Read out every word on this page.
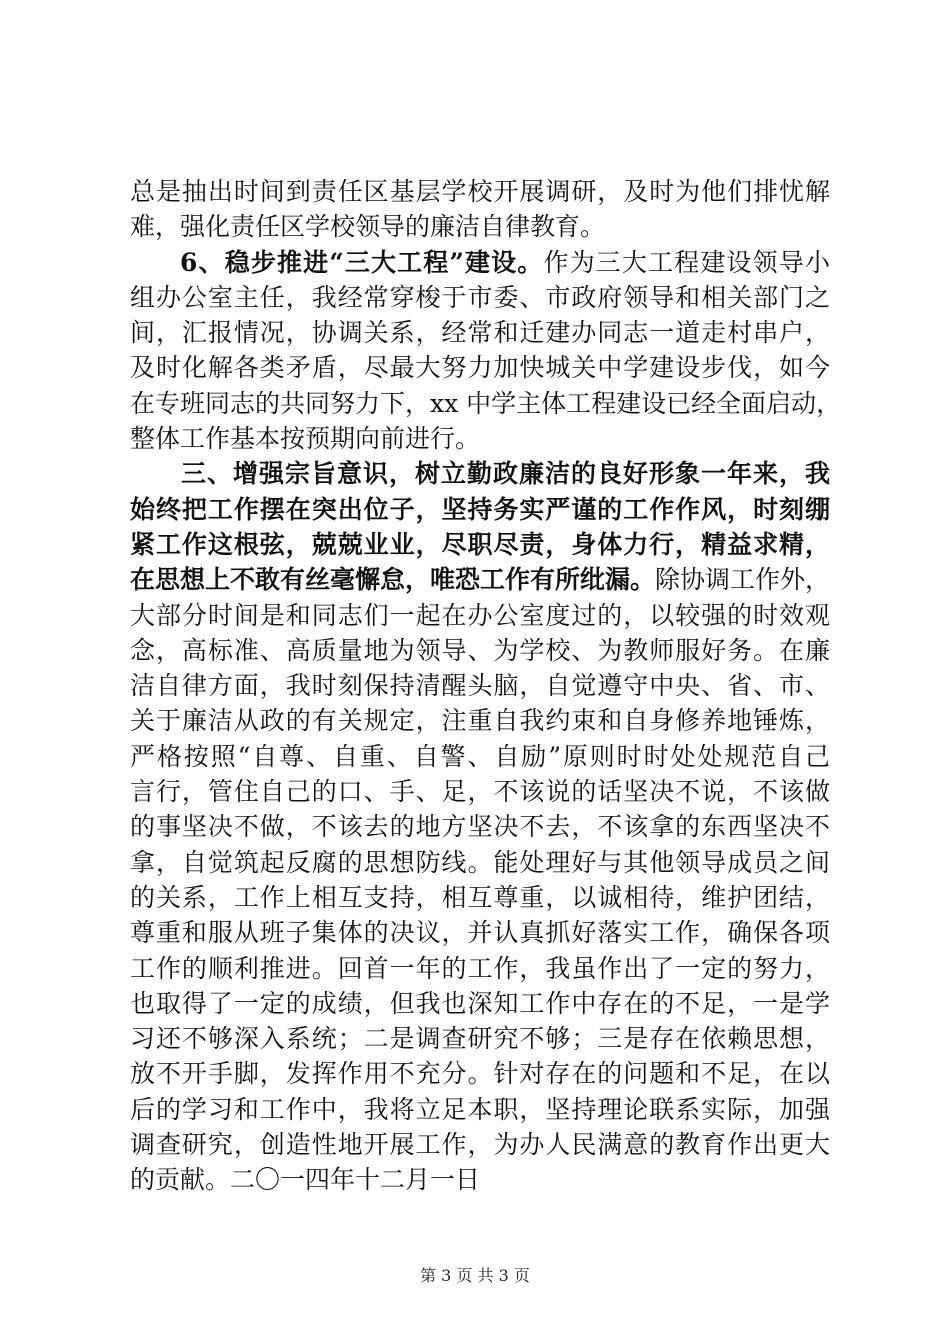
总是抽出时间到责任区基层学校开展调研，及时为他们排忧解
难，强化责任区学校领导的廉洁自律教育。
6、稳步推进“三大工程”建设。作为三大工程建设领导小
组办公室主任，我经常穿梭于市委、市政府领导和相关部门之
间，汇报情况，协调关系，经常和迁建办同志一道走村串户，
及时化解各类矛盾，尽最大努力加快城关中学建设步伐，如今
在专班同志的共同努力下，xx 中学主体工程建设已经全面启动，
整体工作基本按预期向前进行。
三、增强宗旨意识，树立勤政廉洁的良好形象一年来，我
始终把工作摆在突出位子，坚持务实严谨的工作作风，时刻绷
紧工作这根弦，兢兢业业，尽职尽责，身体力行，精益求精，
在思想上不敢有丝毫懈怠，唯恐工作有所纰漏。除协调工作外，
大部分时间是和同志们一起在办公室度过的，以较强的时效观
念，高标准、高质量地为领导、为学校、为教师服好务。在廉
洁自律方面，我时刻保持清醒头脑，自觉遵守中央、省、市、
关于廉洁从政的有关规定，注重自我约束和自身修养地锤炼，
严格按照“自尊、自重、自警、自励”原则时时处处规范自己
言行，管住自己的口、手、足，不该说的话坚决不说，不该做
的事坚决不做，不该去的地方坚决不去，不该拿的东西坚决不
拿，自觉筑起反腐的思想防线。能处理好与其他领导成员之间
的关系，工作上相互支持，相互尊重，以诚相待，维护团结，
尊重和服从班子集体的决议，并认真抓好落实工作，确保各项
工作的顺利推进。回首一年的工作，我虽作出了一定的努力，
也取得了一定的成绩，但我也深知工作中存在的不足，一是学
习还不够深入系统；二是调查研究不够；三是存在依赖思想，
放不开手脚，发挥作用不充分。针对存在的问题和不足，在以
后的学习和工作中，我将立足本职，坚持理论联系实际，加强
调查研究，创造性地开展工作，为办人民满意的教育作出更大
的贡献。二〇一四年十二月一日
第 3 页 共 3 页
